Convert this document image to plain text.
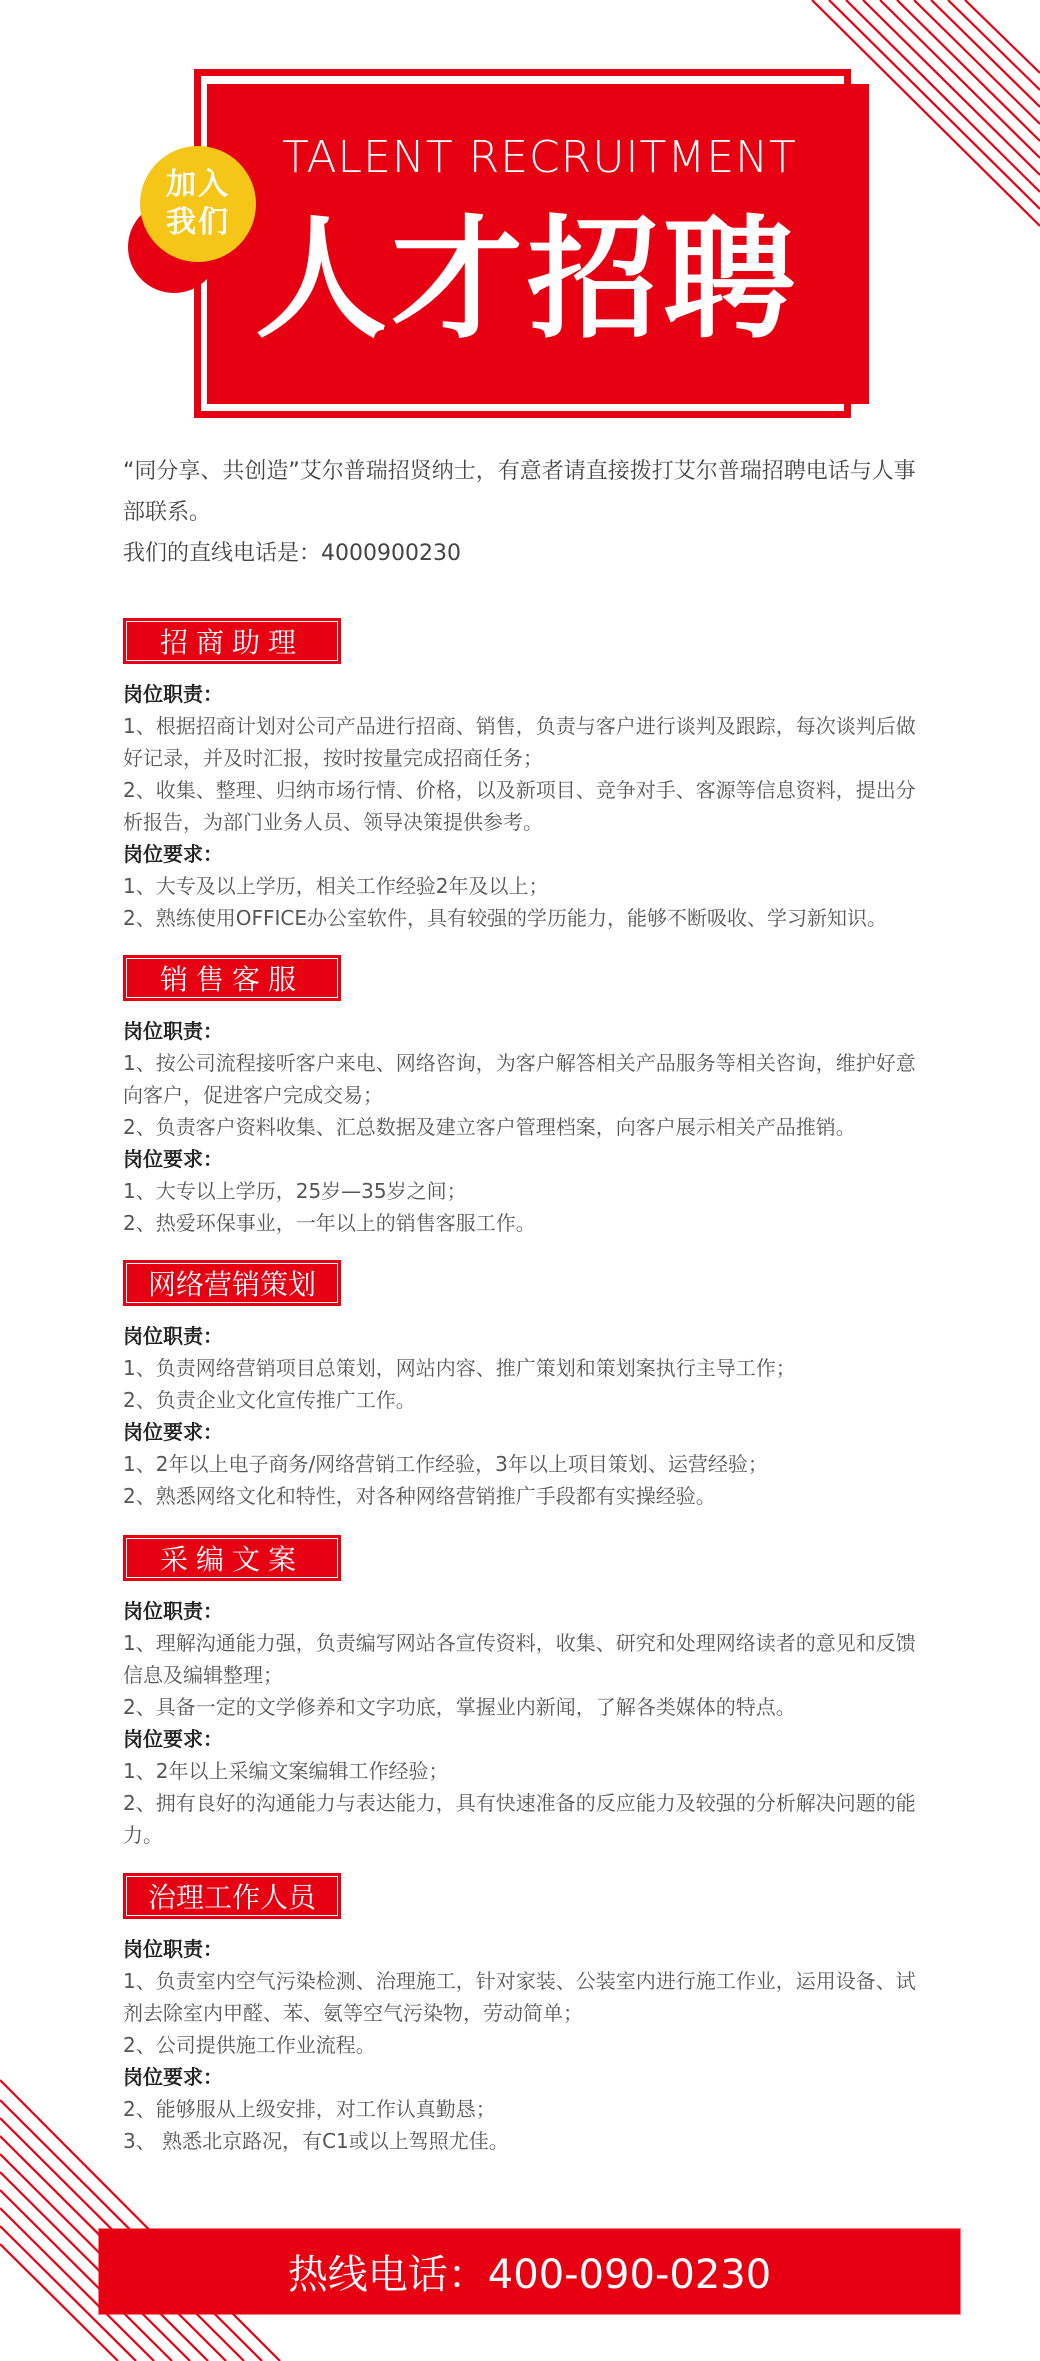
加入
我们
TALENT RECRUITMENT
人才招聘

“同分享、共创造”艾尔普瑞招贤纳士，有意者请直接拨打艾尔普瑞招聘电话与人事部联系。

我们的直线电话是：4000900230

招商助理

岗位职责：

1、根据招商计划对公司产品进行招商、销售，负责与客户进行谈判及跟踪，每次谈判后做好记录，并及时汇报，按时按量完成招商任务；

2、收集、整理、归纳市场行情、价格，以及新项目、竞争对手、客源等信息资料，提出分析报告，为部门业务人员、领导决策提供参考。

岗位要求：

1、大专及以上学历，相关工作经验2年及以上；

2、熟练使用OFFICE办公室软件，具有较强的学历能力，能够不断吸收、学习新知识。

销售客服

岗位职责：

1、按公司流程接听客户来电、网络咨询，为客户解答相关产品服务等相关咨询，维护好意向客户，促进客户完成交易；

2、负责客户资料收集、汇总数据及建立客户管理档案，向客户展示相关产品推销。

岗位要求：

1、大专以上学历，25岁—35岁之间；

2、热爱环保事业，一年以上的销售客服工作。

网络营销策划

岗位职责：

1、负责网络营销项目总策划，网站内容、推广策划和策划案执行主导工作；

2、负责企业文化宣传推广工作。

岗位要求：

1、2年以上电子商务/网络营销工作经验，3年以上项目策划、运营经验；

2、熟悉网络文化和特性，对各种网络营销推广手段都有实操经验。

采编文案

岗位职责：

1、理解沟通能力强，负责编写网站各宣传资料，收集、研究和处理网络读者的意见和反馈信息及编辑整理；

2、具备一定的文学修养和文字功底，掌握业内新闻，了解各类媒体的特点。

岗位要求：

1、2年以上采编文案编辑工作经验；

2、拥有良好的沟通能力与表达能力，具有快速准备的反应能力及较强的分析解决问题的能力。

治理工作人员

岗位职责：

1、负责室内空气污染检测、治理施工，针对家装、公装室内进行施工作业，运用设备、试剂去除室内甲醛、苯、氨等空气污染物，劳动简单；

2、公司提供施工作业流程。

岗位要求：

2、能够服从上级安排，对工作认真勤恳；

3、 熟悉北京路况，有C1或以上驾照尤佳。

热线电话：400-090-0230
